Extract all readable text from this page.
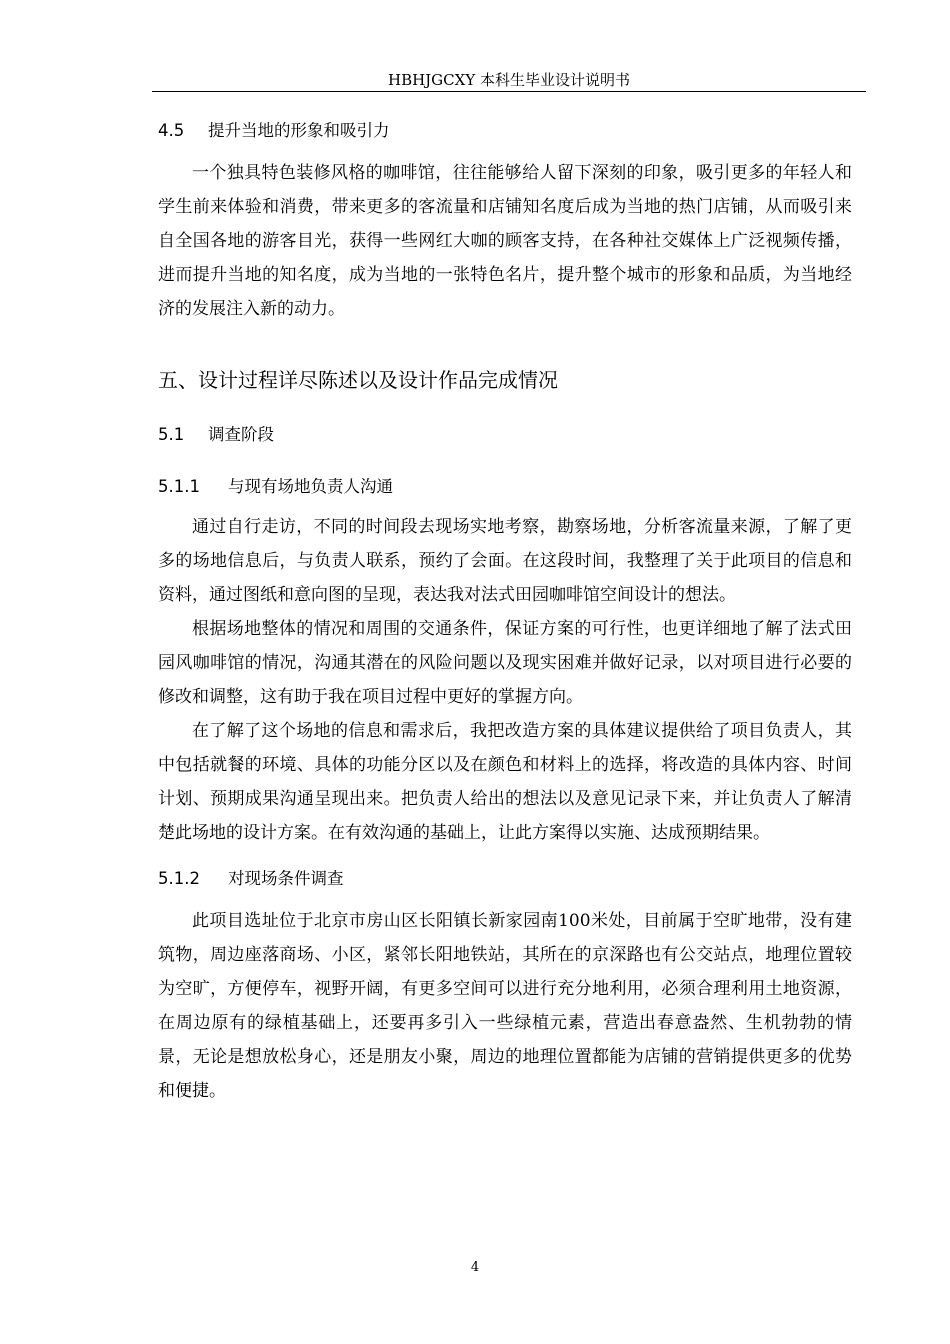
HBHJGCXY 本科生毕业设计说明书
4.5 提升当地的形象和吸引力

一个独具特色装修风格的咖啡馆，往往能够给人留下深刻的印象，吸引更多的年轻人和学生前来体验和消费，带来更多的客流量和店铺知名度后成为当地的热门店铺，从而吸引来自全国各地的游客目光，获得一些网红大咖的顾客支持，在各种社交媒体上广泛视频传播，进而提升当地的知名度，成为当地的一张特色名片，提升整个城市的形象和品质，为当地经济的发展注入新的动力。

五、设计过程详尽陈述以及设计作品完成情况
5.1 调查阶段
5.1.1 与现有场地负责人沟通

通过自行走访，不同的时间段去现场实地考察，勘察场地，分析客流量来源，了解了更多的场地信息后，与负责人联系，预约了会面。在这段时间，我整理了关于此项目的信息和资料，通过图纸和意向图的呈现，表达我对法式田园咖啡馆空间设计的想法。

根据场地整体的情况和周围的交通条件，保证方案的可行性，也更详细地了解了法式田园风咖啡馆的情况，沟通其潜在的风险问题以及现实困难并做好记录，以对项目进行必要的修改和调整，这有助于我在项目过程中更好的掌握方向。

在了解了这个场地的信息和需求后，我把改造方案的具体建议提供给了项目负责人，其中包括就餐的环境、具体的功能分区以及在颜色和材料上的选择，将改造的具体内容、时间计划、预期成果沟通呈现出来。把负责人给出的想法以及意见记录下来，并让负责人了解清楚此场地的设计方案。在有效沟通的基础上，让此方案得以实施、达成预期结果。

5.1.2 对现场条件调查

此项目选址位于北京市房山区长阳镇长新家园南100米处，目前属于空旷地带，没有建筑物，周边座落商场、小区，紧邻长阳地铁站，其所在的京深路也有公交站点，地理位置较为空旷，方便停车，视野开阔，有更多空间可以进行充分地利用，必须合理利用土地资源，在周边原有的绿植基础上，还要再多引入一些绿植元素，营造出春意盎然、生机勃勃的情景，无论是想放松身心，还是朋友小聚，周边的地理位置都能为店铺的营销提供更多的优势和便捷。

4
